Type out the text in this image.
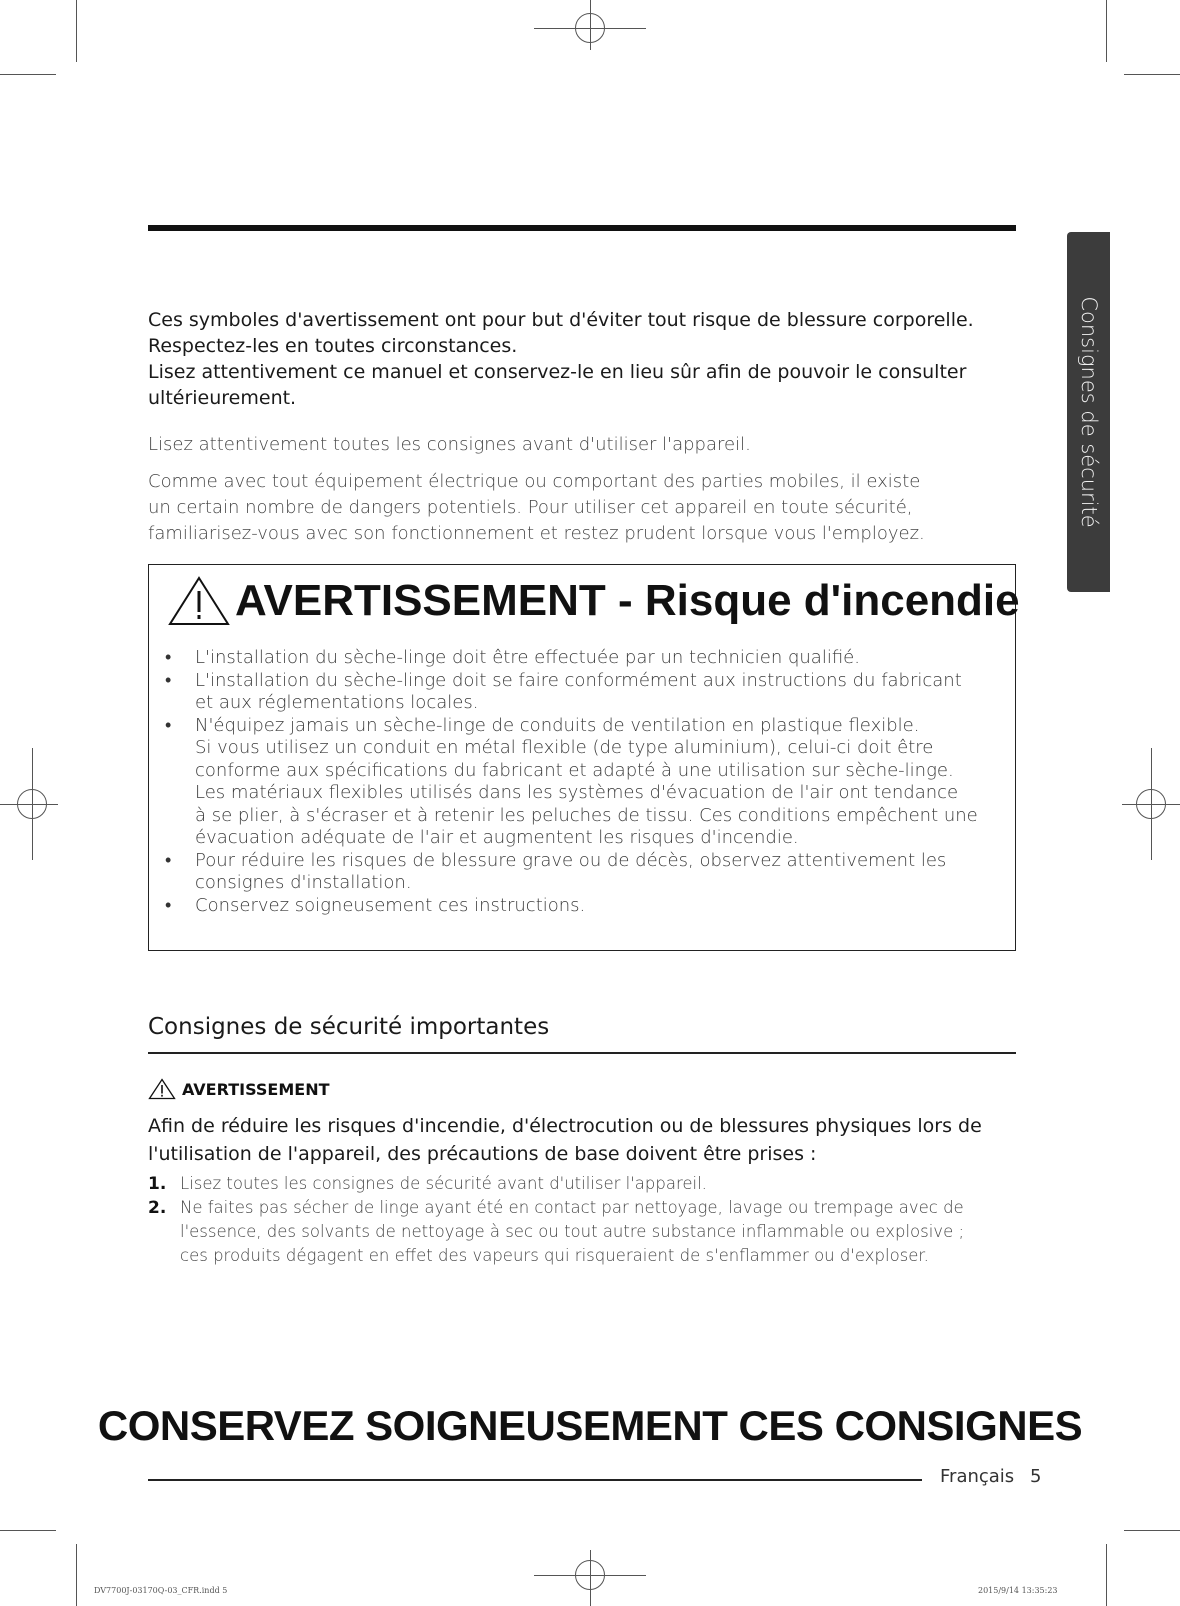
Consignes de sécurité

Ces symboles d'avertissement ont pour but d'éviter tout risque de blessure corporelle.
Respectez-les en toutes circonstances.
Lisez attentivement ce manuel et conservez-le en lieu sûr afin de pouvoir le consulter
ultérieurement.

Lisez attentivement toutes les consignes avant d'utiliser l'appareil.

Comme avec tout équipement électrique ou comportant des parties mobiles, il existe
un certain nombre de dangers potentiels. Pour utiliser cet appareil en toute sécurité,
familiarisez-vous avec son fonctionnement et restez prudent lorsque vous l'employez.

AVERTISSEMENT - Risque d'incendie
• L'installation du sèche-linge doit être effectuée par un technicien qualifié.
• L'installation du sèche-linge doit se faire conformément aux instructions du fabricant
et aux réglementations locales.
• N'équipez jamais un sèche-linge de conduits de ventilation en plastique flexible.
Si vous utilisez un conduit en métal flexible (de type aluminium), celui-ci doit être
conforme aux spécifications du fabricant et adapté à une utilisation sur sèche-linge.
Les matériaux flexibles utilisés dans les systèmes d'évacuation de l'air ont tendance
à se plier, à s'écraser et à retenir les peluches de tissu. Ces conditions empêchent une
évacuation adéquate de l'air et augmentent les risques d'incendie.
• Pour réduire les risques de blessure grave ou de décès, observez attentivement les
consignes d'installation.
• Conservez soigneusement ces instructions.
Consignes de sécurité importantes
AVERTISSEMENT

Afin de réduire les risques d'incendie, d'électrocution ou de blessures physiques lors de
l'utilisation de l'appareil, des précautions de base doivent être prises :

1. Lisez toutes les consignes de sécurité avant d'utiliser l'appareil.
2. Ne faites pas sécher de linge ayant été en contact par nettoyage, lavage ou trempage avec de
l'essence, des solvants de nettoyage à sec ou tout autre substance inflammable ou explosive ;
ces produits dégagent en effet des vapeurs qui risqueraient de s'enflammer ou d'exploser.
CONSERVEZ SOIGNEUSEMENT CES CONSIGNES
Français 5
DV7700J-03170Q-03_CFR.indd 5	2015/9/14 13:35:23
